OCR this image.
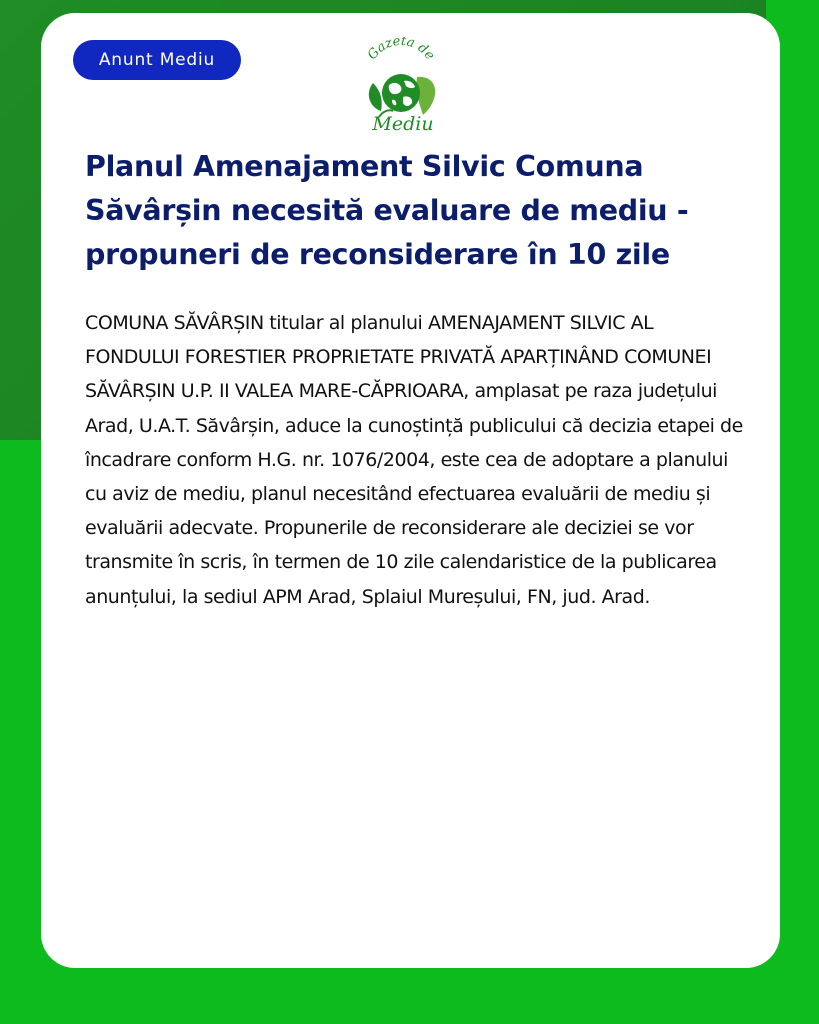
Anunt Mediu	Gazeta de
Mediu
Planul Amenajament Silvic Comuna Săvârșin necesită evaluare de mediu - propuneri de reconsiderare în 10 zile

COMUNA SĂVÂRȘIN titular al planului AMENAJAMENT SILVIC AL FONDULUI FORESTIER PROPRIETATE PRIVATĂ APARȚINÂND COMUNEI SĂVÂRȘIN U.P. II VALEA MARE-CĂPRIOARA, amplasat pe raza județului Arad, U.A.T. Săvârșin, aduce la cunoștință publicului că decizia etapei de încadrare conform H.G. nr. 1076/2004, este cea de adoptare a planului cu aviz de mediu, planul necesitând efectuarea evaluării de mediu și evaluării adecvate. Propunerile de reconsiderare ale deciziei se vor transmite în scris, în termen de 10 zile calendaristice de la publicarea anunțului, la sediul APM Arad, Splaiul Mureșului, FN, jud. Arad.
